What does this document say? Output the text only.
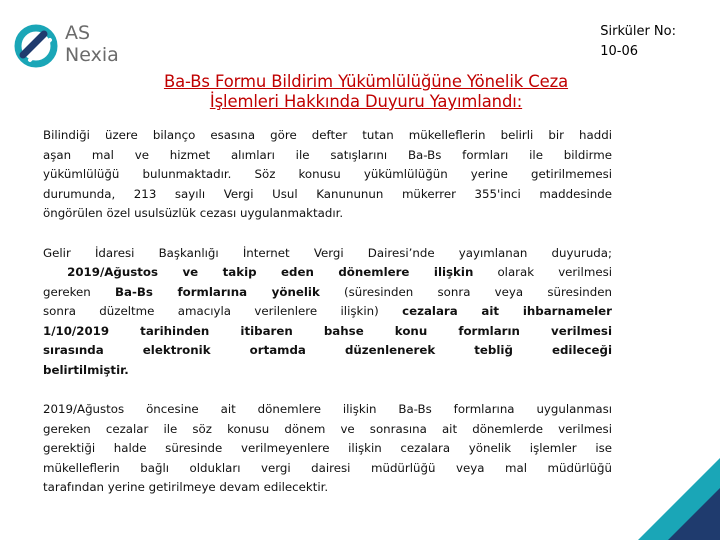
AS
Nexia
Sirküler No:
10-06
Ba-Bs Formu Bildirim Yükümlülüğüne Yönelik Ceza
İşlemleri Hakkında Duyuru Yayımlandı:
Bilindiği üzere bilanço esasına göre defter tutan mükelleflerin belirli bir haddi
aşan mal ve hizmet alımları ile satışlarını Ba-Bs formları ile bildirme
yükümlülüğü bulunmaktadır. Söz konusu yükümlülüğün yerine getirilmemesi
durumunda, 213 sayılı Vergi Usul Kanununun mükerrer 355'inci maddesinde
öngörülen özel usulsüzlük cezası uygulanmaktadır.
Gelir İdaresi Başkanlığı İnternet Vergi Dairesi’nde yayımlanan duyuruda;
2019/Ağustos ve takip eden dönemlere ilişkin olarak verilmesi
gereken Ba-Bs formlarına yönelik (süresinden sonra veya süresinden
sonra düzeltme amacıyla verilenlere ilişkin) cezalara ait ihbarnameler
1/10/2019 tarihinden itibaren bahse konu formların verilmesi
sırasında elektronik ortamda düzenlenerek tebliğ edileceği
belirtilmiştir.
2019/Ağustos öncesine ait dönemlere ilişkin Ba-Bs formlarına uygulanması
gereken cezalar ile söz konusu dönem ve sonrasına ait dönemlerde verilmesi
gerektiği halde süresinde verilmeyenlere ilişkin cezalara yönelik işlemler ise
mükelleflerin bağlı oldukları vergi dairesi müdürlüğü veya mal müdürlüğü
tarafından yerine getirilmeye devam edilecektir.
